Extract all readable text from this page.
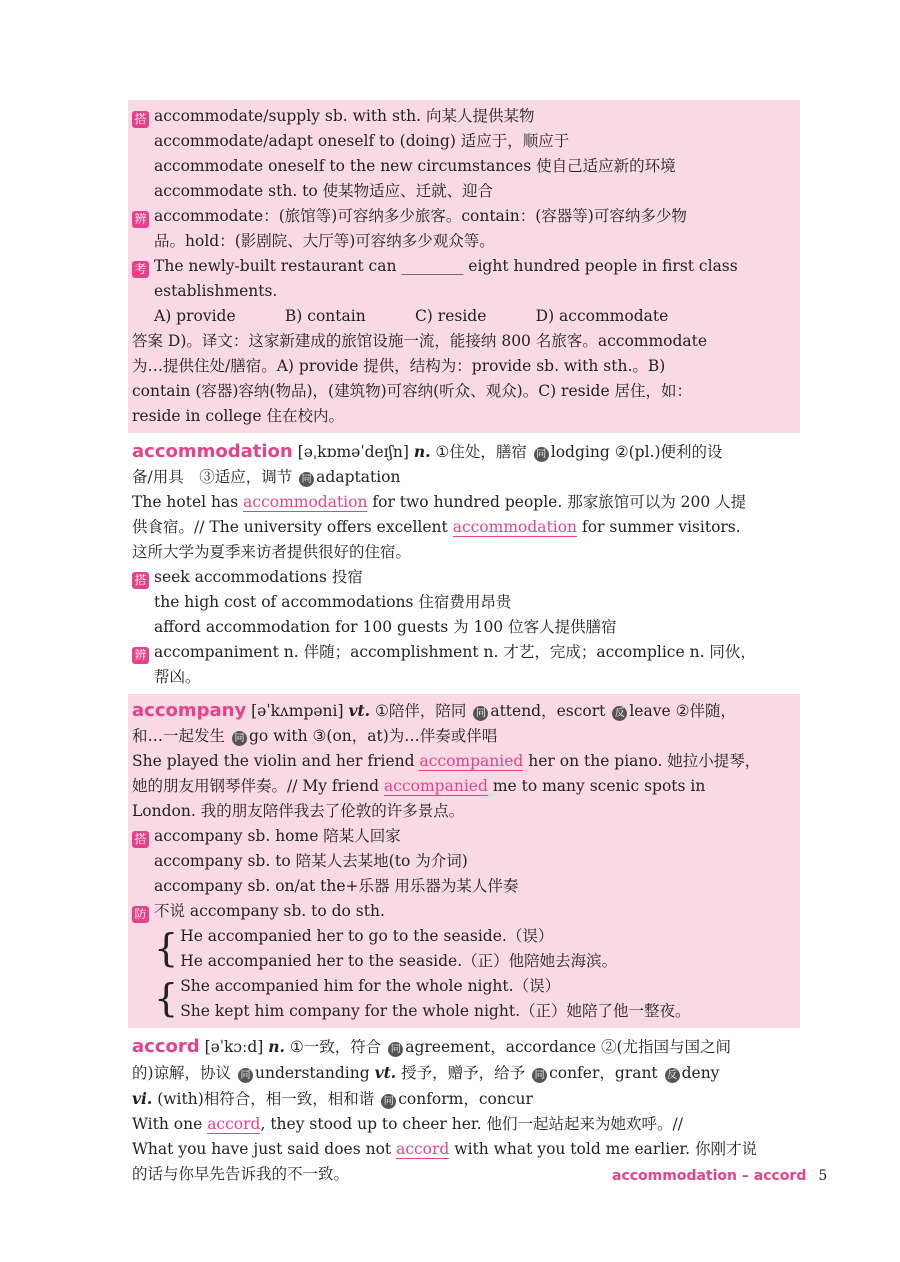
搭 accommodate/supply sb. with sth. 向某人提供某物
accommodate/adapt oneself to (doing) 适应于，顺应于
accommodate oneself to the new circumstances 使自己适应新的环境
accommodate sth. to 使某物适应、迁就、迎合
辨 accommodate：(旅馆等)可容纳多少旅客。contain：(容器等)可容纳多少物
品。hold：(影剧院、大厅等)可容纳多少观众等。
考 The newly-built restaurant can ________ eight hundred people in first class
establishments.
A) provide          B) contain          C) reside          D) accommodate
答案 D)。译文：这家新建成的旅馆设施一流，能接纳 800 名旅客。accommodate
为…提供住处/膳宿。A) provide 提供，结构为：provide sb. with sth.。B)
contain (容器)容纳(物品)，(建筑物)可容纳(听众、观众)。C) reside 居住，如：
reside in college 住在校内。
accommodation [əˌkɒməˈdeɪʃn] n. ①住处，膳宿 同 lodging ②(pl.)便利的设
备/用具　③适应，调节 同 adaptation
The hotel has accommodation for two hundred people. 那家旅馆可以为 200 人提
供食宿。// The university offers excellent accommodation for summer visitors.
这所大学为夏季来访者提供很好的住宿。
搭 seek accommodations 投宿
the high cost of accommodations 住宿费用昂贵
afford accommodation for 100 guests 为 100 位客人提供膳宿
辨 accompaniment n. 伴随；accomplishment n. 才艺，完成；accomplice n. 同伙，
帮凶。
accompany [əˈkʌmpəni] vt. ①陪伴，陪同 同 attend，escort 反 leave ②伴随，
和…一起发生 同 go with ③(on，at)为…伴奏或伴唱
She played the violin and her friend accompanied her on the piano. 她拉小提琴，
她的朋友用钢琴伴奏。// My friend accompanied me to many scenic spots in
London. 我的朋友陪伴我去了伦敦的许多景点。
搭 accompany sb. home 陪某人回家
accompany sb. to 陪某人去某地(to 为介词)
accompany sb. on/at the+乐器 用乐器为某人伴奏
防 不说 accompany sb. to do sth.
{ He accompanied her to go to the seaside.（误）
He accompanied her to the seaside.（正）他陪她去海滨。
{ She accompanied him for the whole night.（误）
She kept him company for the whole night.（正）她陪了他一整夜。
accord [əˈkɔːd] n. ①一致，符合 同 agreement，accordance ②(尤指国与国之间
的)谅解，协议 同 understanding vt. 授予，赠予，给予 同 confer，grant 反 deny
vi. (with)相符合，相一致，相和谐 同 conform，concur
With one accord, they stood up to cheer her. 他们一起站起来为她欢呼。//
What you have just said does not accord with what you told me earlier. 你刚才说
的话与你早先告诉我的不一致。	accommodation – accord 5
